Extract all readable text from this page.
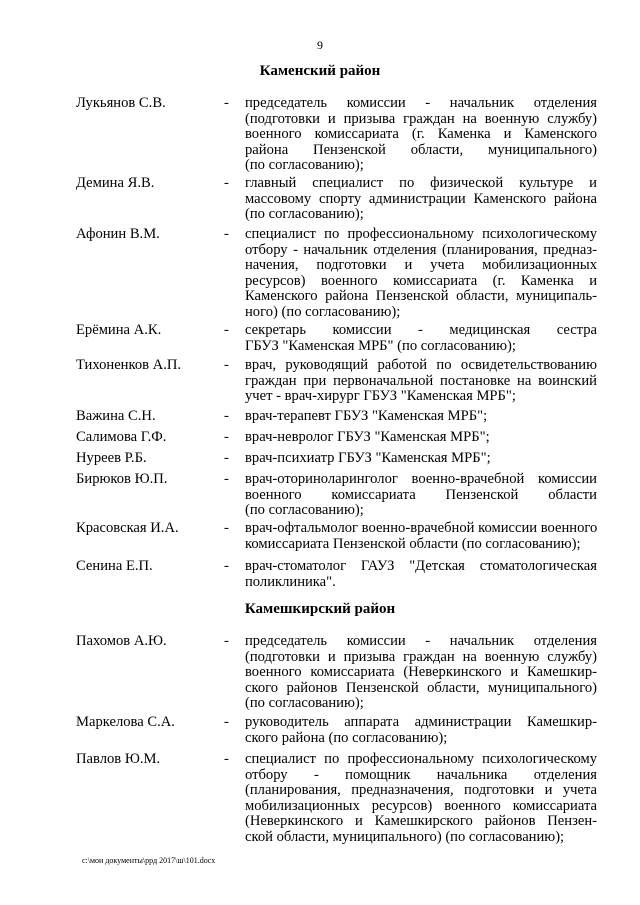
9
Каменский район
Камешкирский район
Лукьянов С.В.	- председатель комиссии - начальник отделения
(подготовки и призыва граждан на военную службу)
военного комиссариата (г. Каменка и Каменского
района Пензенской области, муниципального)
(по согласованию);
Демина Я.В.	- главный специалист по физической культуре и
массовому спорту администрации Каменского района
(по согласованию);
Афонин В.М.	- специалист по профессиональному психологическому
отбору - начальник отделения (планирования, предназ-
начения, подготовки и учета мобилизационных
ресурсов) военного комиссариата (г. Каменка и
Каменского района Пензенской области, муниципаль-
ного) (по согласованию);
Ерёмина А.К.	- секретарь комиссии - медицинская сестра
ГБУЗ "Каменская МРБ" (по согласованию);
Тихоненков А.П.	- врач, руководящий работой по освидетельствованию
граждан при первоначальной постановке на воинский
учет - врач-хирург ГБУЗ "Каменская МРБ";
Важина С.Н.	- врач-терапевт ГБУЗ "Каменская МРБ";
Салимова Г.Ф.	- врач-невролог ГБУЗ "Каменская МРБ";
Нуреев Р.Б.	- врач-психиатр ГБУЗ "Каменская МРБ";
Бирюков Ю.П.	- врач-оториноларинголог военно-врачебной комиссии
военного комиссариата Пензенской области
(по согласованию);
Красовская И.А.	- врач-офтальмолог военно-врачебной комиссии военного
комиссариата Пензенской области (по согласованию);
Сенина Е.П.	- врач-стоматолог ГАУЗ "Детская стоматологическая
поликлиника".
Пахомов А.Ю.	- председатель комиссии - начальник отделения
(подготовки и призыва граждан на военную службу)
военного комиссариата (Неверкинского и Камешкир-
ского районов Пензенской области, муниципального)
(по согласованию);
Маркелова С.А.	- руководитель аппарата администрации Камешкир-
ского района (по согласованию);
Павлов Ю.М.	- специалист по профессиональному психологическому
отбору - помощник начальника отделения
(планирования, предназначения, подготовки и учета
мобилизационных ресурсов) военного комиссариата
(Неверкинского и Камешкирского районов Пензен-
ской области, муниципального) (по согласованию);
c:\мои документы\ppд 2017\ш\101.docx
